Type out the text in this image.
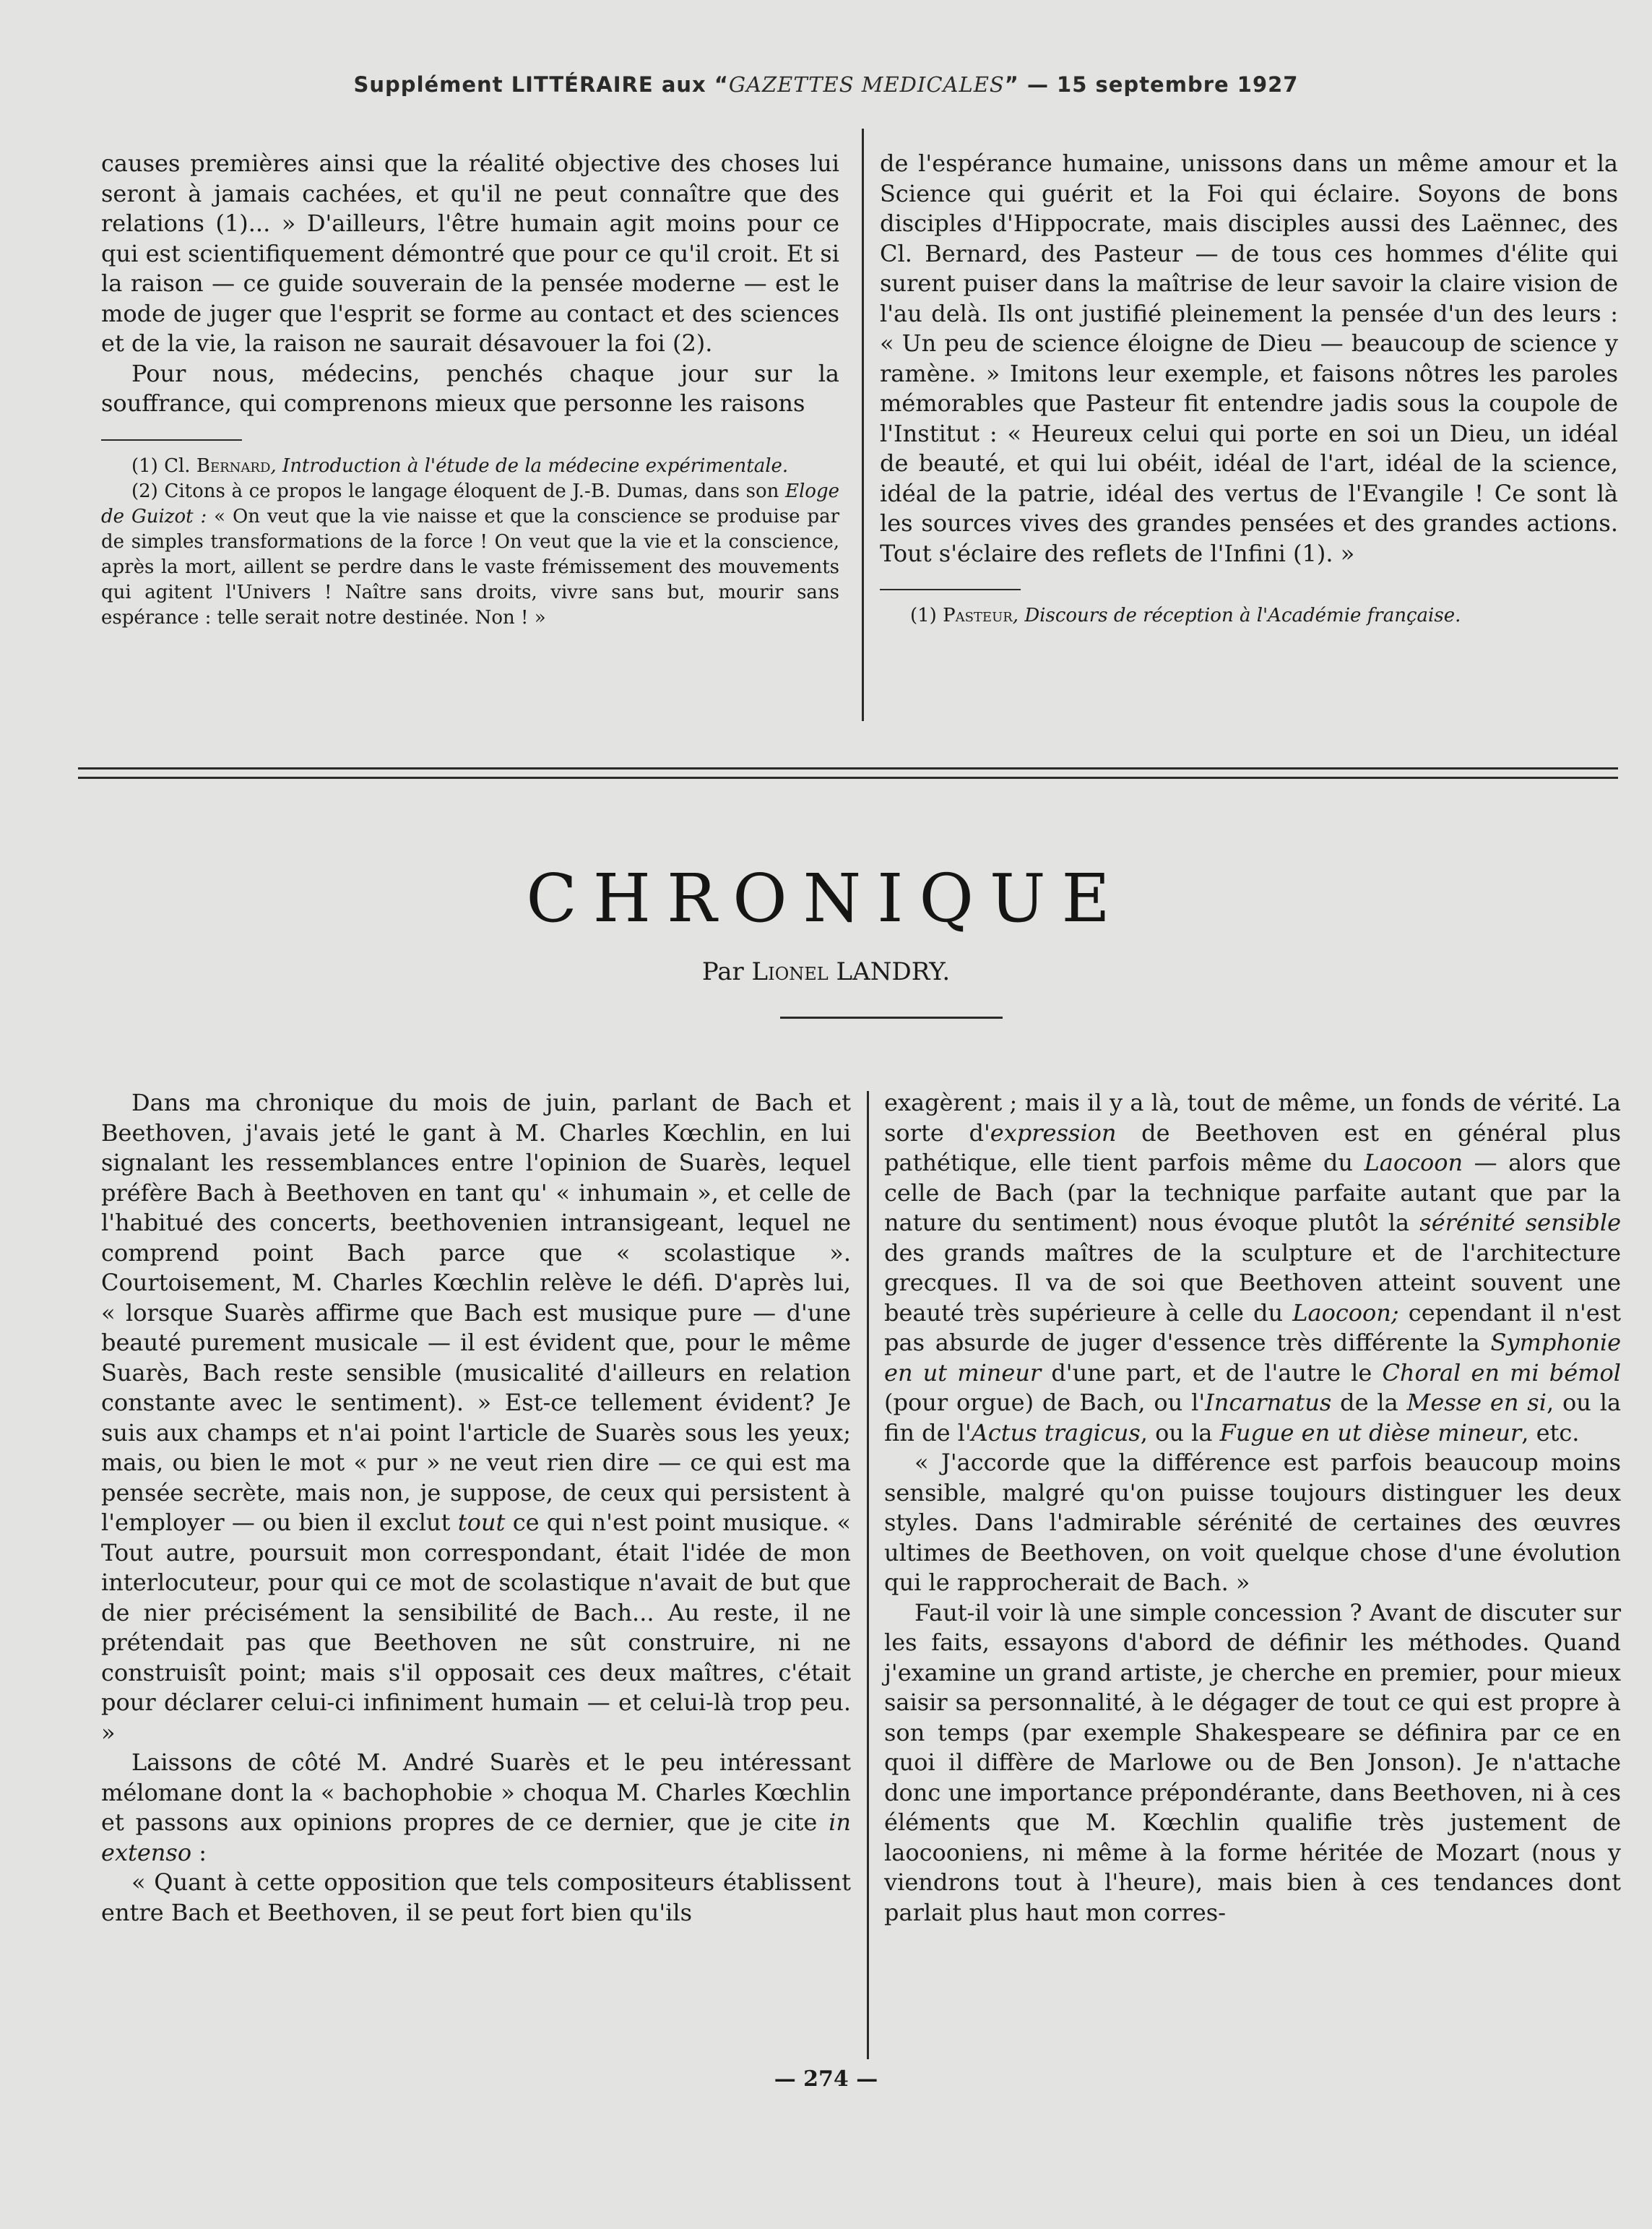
Supplément LITTÉRAIRE aux “GAZETTES MEDICALES” — 15 septembre 1927

causes premières ainsi que la réalité objective des choses lui seront à jamais cachées, et qu'il ne peut connaître que des relations (1)... » D'ailleurs, l'être humain agit moins pour ce qui est scientifiquement démontré que pour ce qu'il croit. Et si la raison — ce guide souverain de la pensée moderne — est le mode de juger que l'esprit se forme au contact et des sciences et de la vie, la raison ne saurait désavouer la foi (2).

Pour nous, médecins, penchés chaque jour sur la souffrance, qui comprenons mieux que personne les raisons

(1) Cl. Bernard, Introduction à l'étude de la médecine expérimentale.

(2) Citons à ce propos le langage éloquent de J.-B. Dumas, dans son Eloge de Guizot : « On veut que la vie naisse et que la conscience se produise par de simples transformations de la force ! On veut que la vie et la conscience, après la mort, aillent se perdre dans le vaste frémissement des mouvements qui agitent l'Univers ! Naître sans droits, vivre sans but, mourir sans espérance : telle serait notre destinée. Non ! »

de l'espérance humaine, unissons dans un même amour et la Science qui guérit et la Foi qui éclaire. Soyons de bons disciples d'Hippocrate, mais disciples aussi des Laënnec, des Cl. Bernard, des Pasteur — de tous ces hommes d'élite qui surent puiser dans la maîtrise de leur savoir la claire vision de l'au delà. Ils ont justifié pleinement la pensée d'un des leurs : « Un peu de science éloigne de Dieu — beaucoup de science y ramène. » Imitons leur exemple, et faisons nôtres les paroles mémorables que Pasteur fit entendre jadis sous la coupole de l'Institut : « Heureux celui qui porte en soi un Dieu, un idéal de beauté, et qui lui obéit, idéal de l'art, idéal de la science, idéal de la patrie, idéal des vertus de l'Evangile ! Ce sont là les sources vives des grandes pensées et des grandes actions. Tout s'éclaire des reflets de l'Infini (1). »

(1) Pasteur, Discours de réception à l'Académie française.

CHRONIQUE
Par Lionel LANDRY.

Dans ma chronique du mois de juin, parlant de Bach et Beethoven, j'avais jeté le gant à M. Charles Kœchlin, en lui signalant les ressemblances entre l'opinion de Suarès, lequel préfère Bach à Beethoven en tant qu' « inhumain », et celle de l'habitué des concerts, beethovenien intransigeant, lequel ne comprend point Bach parce que « scolastique ». Courtoisement, M. Charles Kœchlin relève le défi. D'après lui, « lorsque Suarès affirme que Bach est musique pure — d'une beauté purement musicale — il est évident que, pour le même Suarès, Bach reste sensible (musicalité d'ailleurs en relation constante avec le sentiment). » Est-ce tellement évident? Je suis aux champs et n'ai point l'article de Suarès sous les yeux; mais, ou bien le mot « pur » ne veut rien dire — ce qui est ma pensée secrète, mais non, je suppose, de ceux qui persistent à l'employer — ou bien il exclut tout ce qui n'est point musique. « Tout autre, poursuit mon correspondant, était l'idée de mon interlocuteur, pour qui ce mot de scolastique n'avait de but que de nier précisément la sensibilité de Bach... Au reste, il ne prétendait pas que Beethoven ne sût construire, ni ne construisît point; mais s'il opposait ces deux maîtres, c'était pour déclarer celui-ci infiniment humain — et celui-là trop peu. »

Laissons de côté M. André Suarès et le peu intéressant mélomane dont la « bachophobie » choqua M. Charles Kœchlin et passons aux opinions propres de ce dernier, que je cite in extenso :

« Quant à cette opposition que tels compositeurs établissent entre Bach et Beethoven, il se peut fort bien qu'ils

exagèrent ; mais il y a là, tout de même, un fonds de vérité. La sorte d'expression de Beethoven est en général plus pathétique, elle tient parfois même du Laocoon — alors que celle de Bach (par la technique parfaite autant que par la nature du sentiment) nous évoque plutôt la sérénité sensible des grands maîtres de la sculpture et de l'architecture grecques. Il va de soi que Beethoven atteint souvent une beauté très supérieure à celle du Laocoon; cependant il n'est pas absurde de juger d'essence très différente la Symphonie en ut mineur d'une part, et de l'autre le Choral en mi bémol (pour orgue) de Bach, ou l'Incarnatus de la Messe en si, ou la fin de l'Actus tragicus, ou la Fugue en ut dièse mineur, etc.

« J'accorde que la différence est parfois beaucoup moins sensible, malgré qu'on puisse toujours distinguer les deux styles. Dans l'admirable sérénité de certaines des œuvres ultimes de Beethoven, on voit quelque chose d'une évolution qui le rapprocherait de Bach. »

Faut-il voir là une simple concession ? Avant de discuter sur les faits, essayons d'abord de définir les méthodes. Quand j'examine un grand artiste, je cherche en premier, pour mieux saisir sa personnalité, à le dégager de tout ce qui est propre à son temps (par exemple Shakespeare se définira par ce en quoi il diffère de Marlowe ou de Ben Jonson). Je n'attache donc une importance prépondérante, dans Beethoven, ni à ces éléments que M. Kœchlin qualifie très justement de laocooniens, ni même à la forme héritée de Mozart (nous y viendrons tout à l'heure), mais bien à ces tendances dont parlait plus haut mon corres-

— 274 —
